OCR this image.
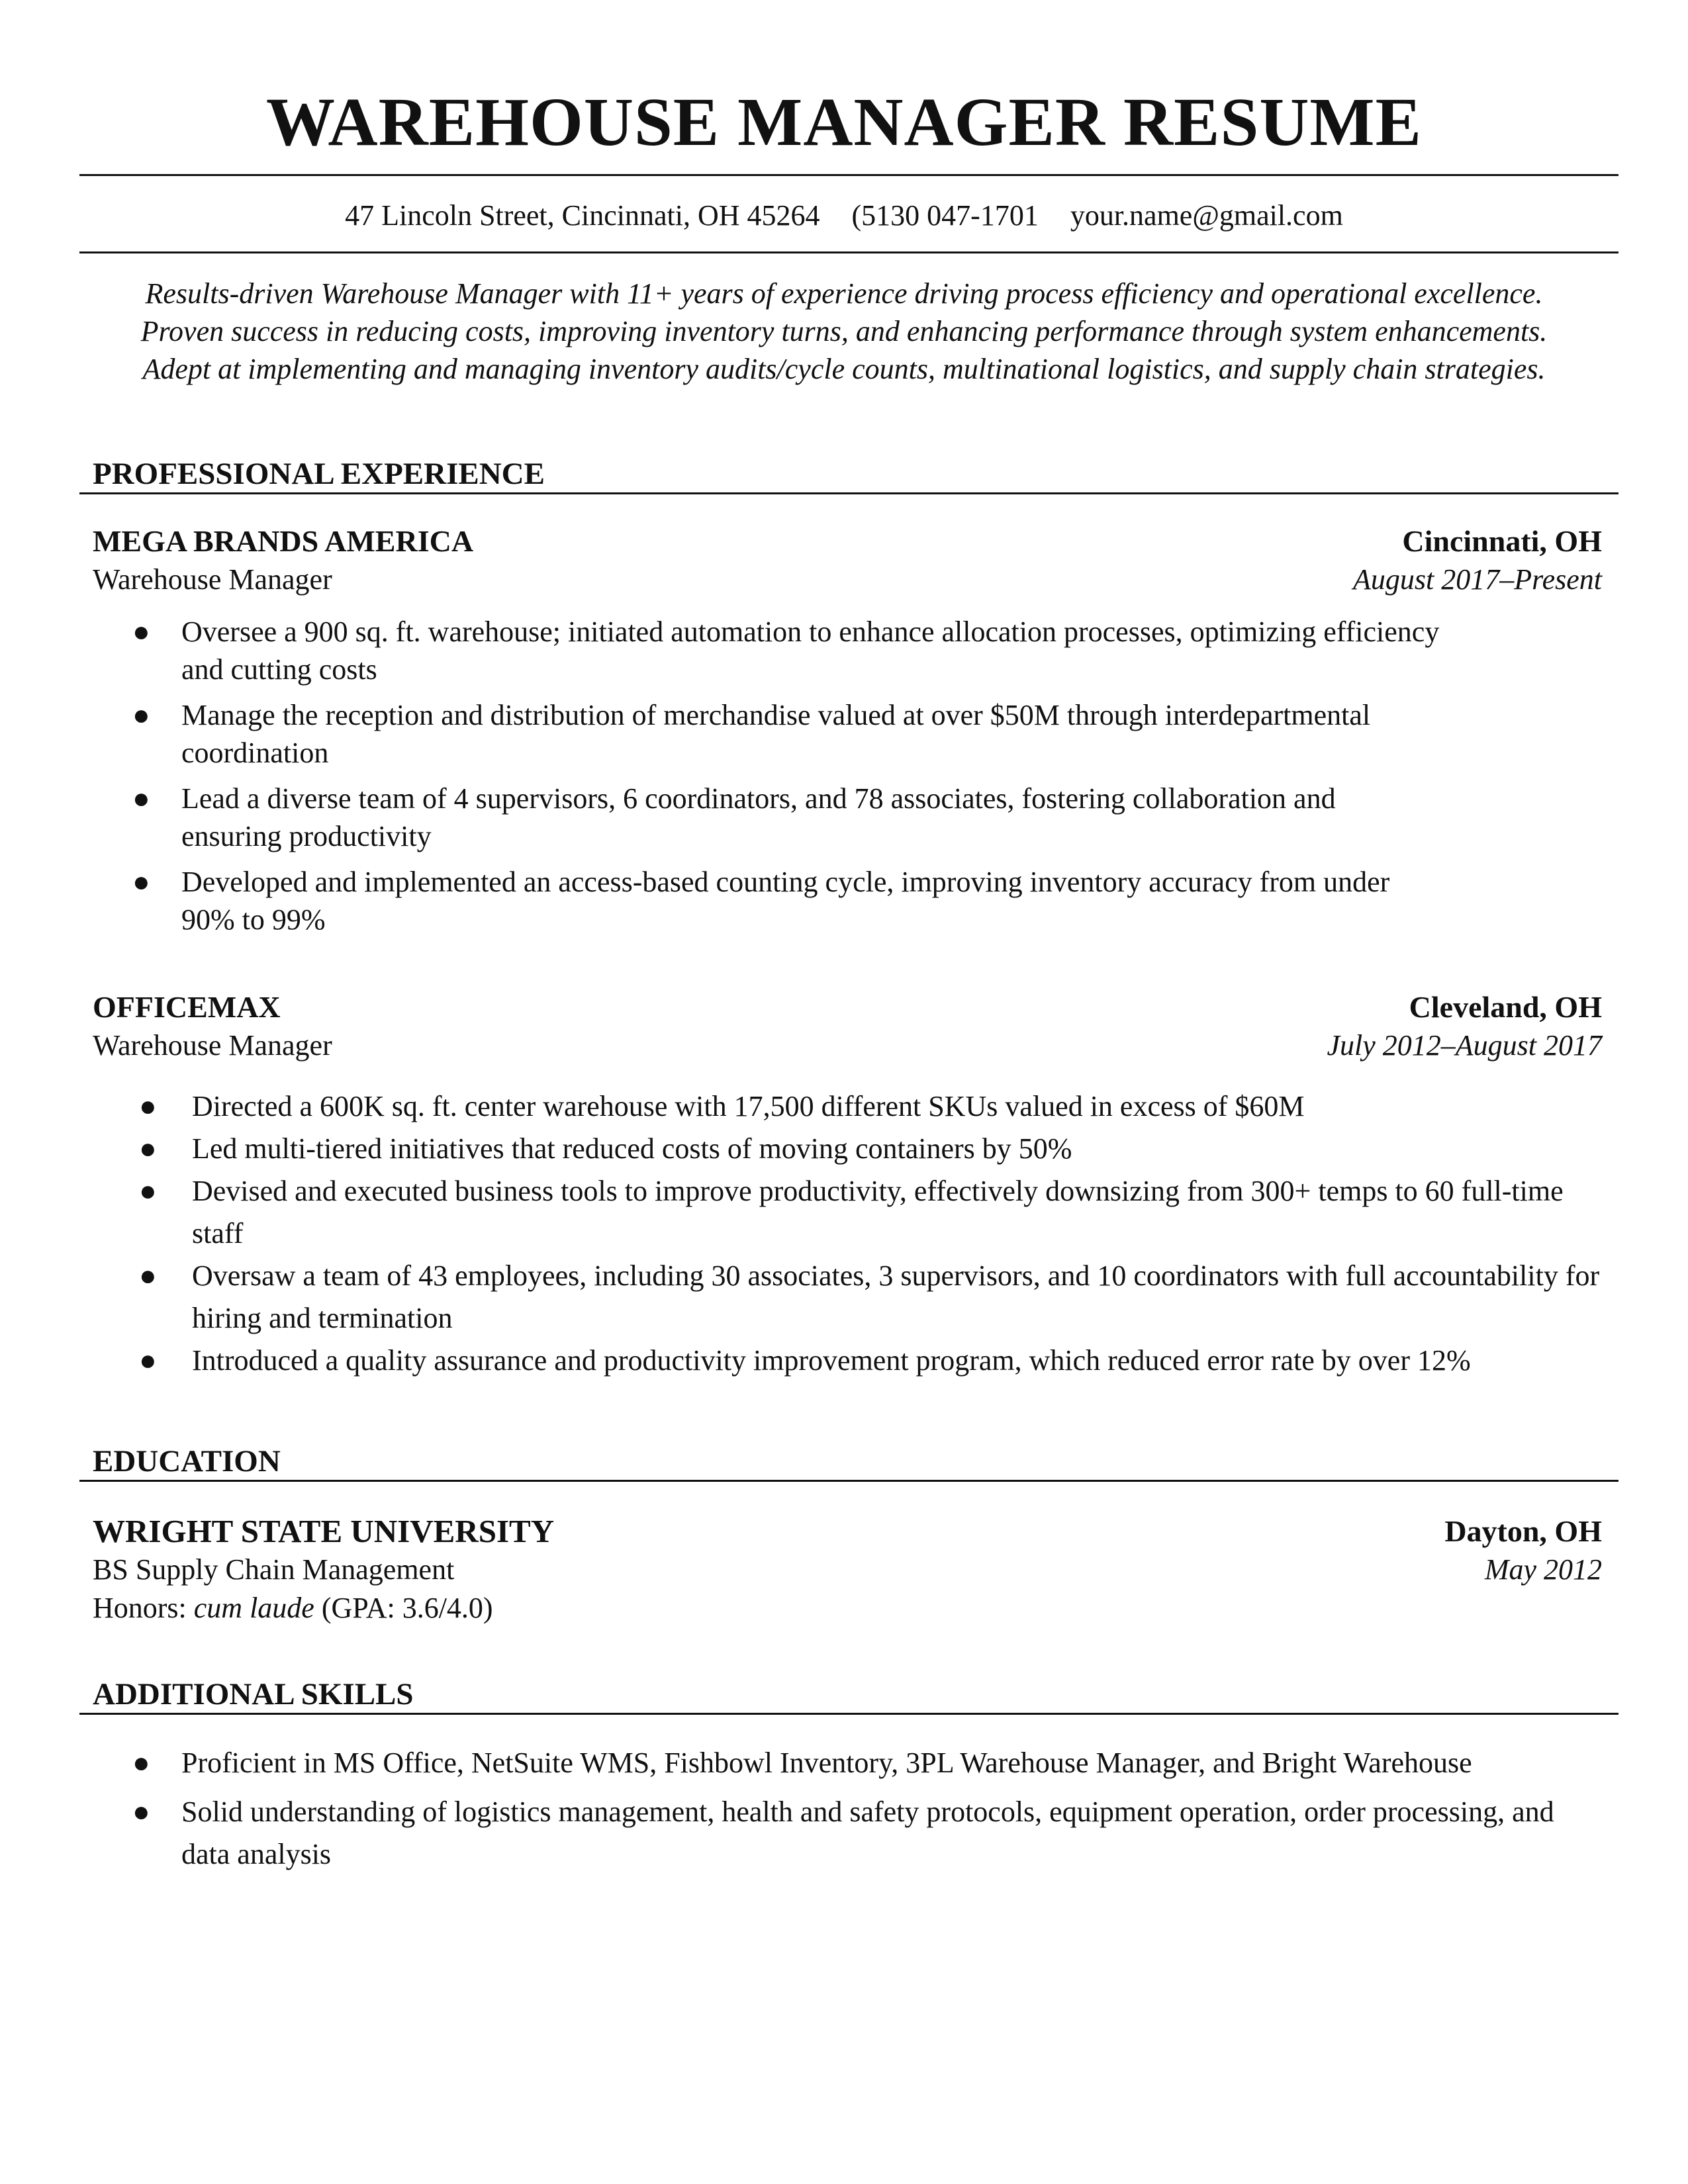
WAREHOUSE MANAGER RESUME
47 Lincoln Street, Cincinnati, OH 45264 (5130 047-1701 your.name@gmail.com
Results-driven Warehouse Manager with 11+ years of experience driving process efficiency and operational excellence.
Proven success in reducing costs, improving inventory turns, and enhancing performance through system enhancements.
Adept at implementing and managing inventory audits/cycle counts, multinational logistics, and supply chain strategies.
PROFESSIONAL EXPERIENCE
MEGA BRANDS AMERICA	Cincinnati, OH
Warehouse Manager	August 2017–Present
● Oversee a 900 sq. ft. warehouse; initiated automation to enhance allocation processes, optimizing efficiency and cutting costs
● Manage the reception and distribution of merchandise valued at over $50M through interdepartmental coordination
● Lead a diverse team of 4 supervisors, 6 coordinators, and 78 associates, fostering collaboration and ensuring productivity
● Developed and implemented an access-based counting cycle, improving inventory accuracy from under 90% to 99%
OFFICEMAX	Cleveland, OH
Warehouse Manager	July 2012–August 2017
● Directed a 600K sq. ft. center warehouse with 17,500 different SKUs valued in excess of $60M
● Led multi-tiered initiatives that reduced costs of moving containers by 50%
● Devised and executed business tools to improve productivity, effectively downsizing from 300+ temps to 60 full-time staff
● Oversaw a team of 43 employees, including 30 associates, 3 supervisors, and 10 coordinators with full accountability for hiring and termination
● Introduced a quality assurance and productivity improvement program, which reduced error rate by over 12%
EDUCATION
WRIGHT STATE UNIVERSITY	Dayton, OH
BS Supply Chain Management	May 2012
Honors: cum laude (GPA: 3.6/4.0)
ADDITIONAL SKILLS
● Proficient in MS Office, NetSuite WMS, Fishbowl Inventory, 3PL Warehouse Manager, and Bright Warehouse
● Solid understanding of logistics management, health and safety protocols, equipment operation, order processing, and data analysis
